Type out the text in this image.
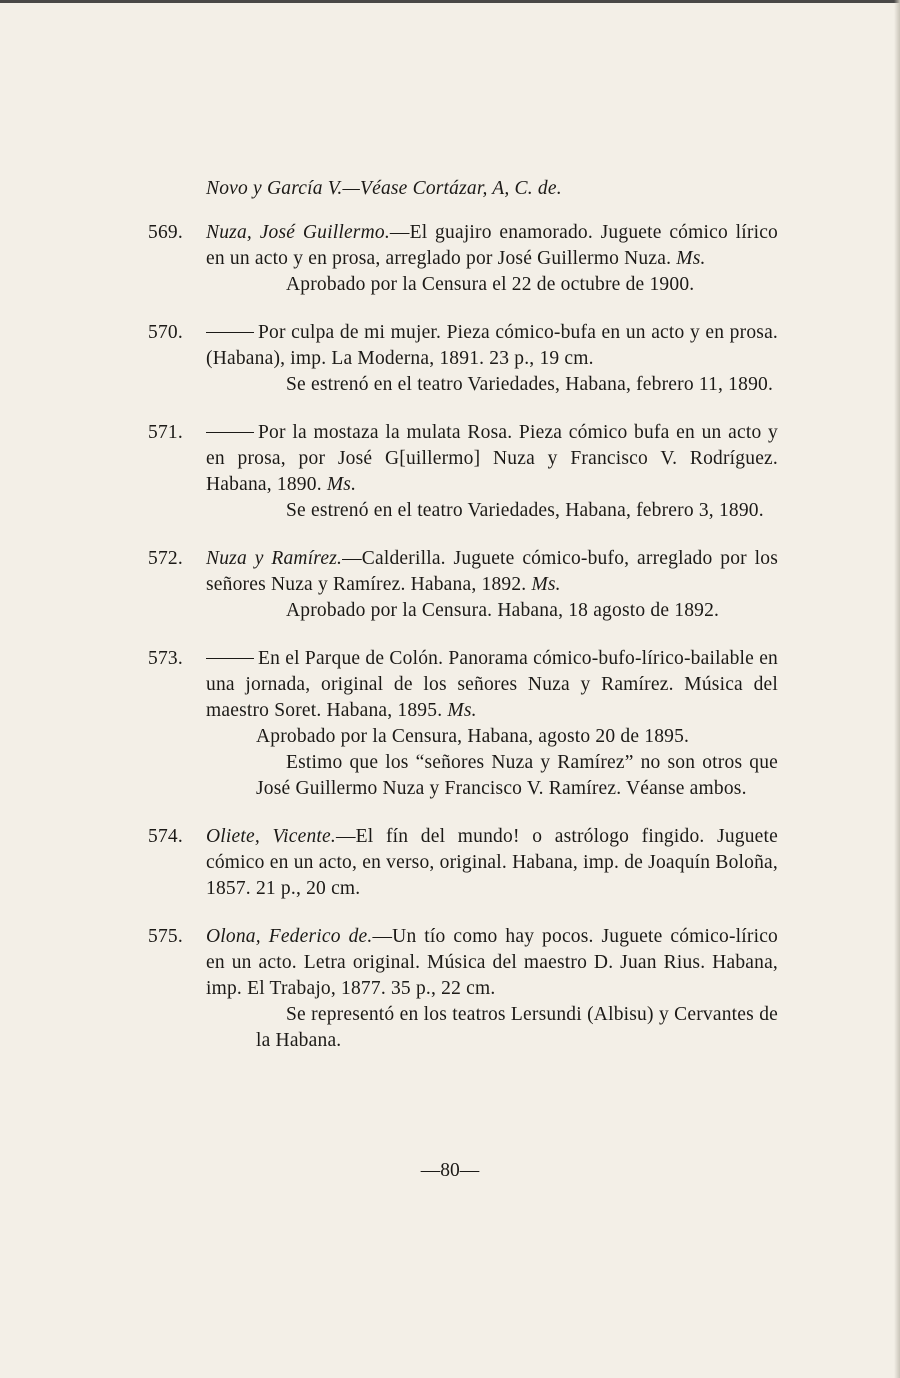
Novo y García V.—Véase Cortázar, A, C. de.
569. Nuza, José Guillermo.—El guajiro enamorado. Juguete cómico lírico en un acto y en prosa, arreglado por José Guillermo Nuza. Ms.
Aprobado por la Censura el 22 de octubre de 1900.
570.	Por culpa de mi mujer. Pieza cómico-bufa en un acto y en prosa. (Habana), imp. La Moderna, 1891. 23 p., 19 cm.
Se estrenó en el teatro Variedades, Habana, febrero 11, 1890.
571.	Por la mostaza la mulata Rosa. Pieza cómico bufa en un acto y en prosa, por José G[uillermo] Nuza y Francisco V. Rodríguez. Habana, 1890. Ms.
Se estrenó en el teatro Variedades, Habana, febrero 3, 1890.
572. Nuza y Ramírez.—Calderilla. Juguete cómico-bufo, arreglado por los señores Nuza y Ramírez. Habana, 1892. Ms.
Aprobado por la Censura. Habana, 18 agosto de 1892.
573.	En el Parque de Colón. Panorama cómico-bufo-lírico-bailable en una jornada, original de los señores Nuza y Ramírez. Música del maestro Soret. Habana, 1895. Ms.
Aprobado por la Censura, Habana, agosto 20 de 1895.
Estimo que los “señores Nuza y Ramírez” no son otros que José Guillermo Nuza y Francisco V. Ramírez. Véanse ambos.
574. Oliete, Vicente.—El fín del mundo! o astrólogo fingido. Juguete cómico en un acto, en verso, original. Habana, imp. de Joaquín Boloña, 1857. 21 p., 20 cm.
575. Olona, Federico de.—Un tío como hay pocos. Juguete cómico-lírico en un acto. Letra original. Música del maestro D. Juan Rius. Habana, imp. El Trabajo, 1877. 35 p., 22 cm.
Se representó en los teatros Lersundi (Albisu) y Cervantes de la Habana.
—80—
